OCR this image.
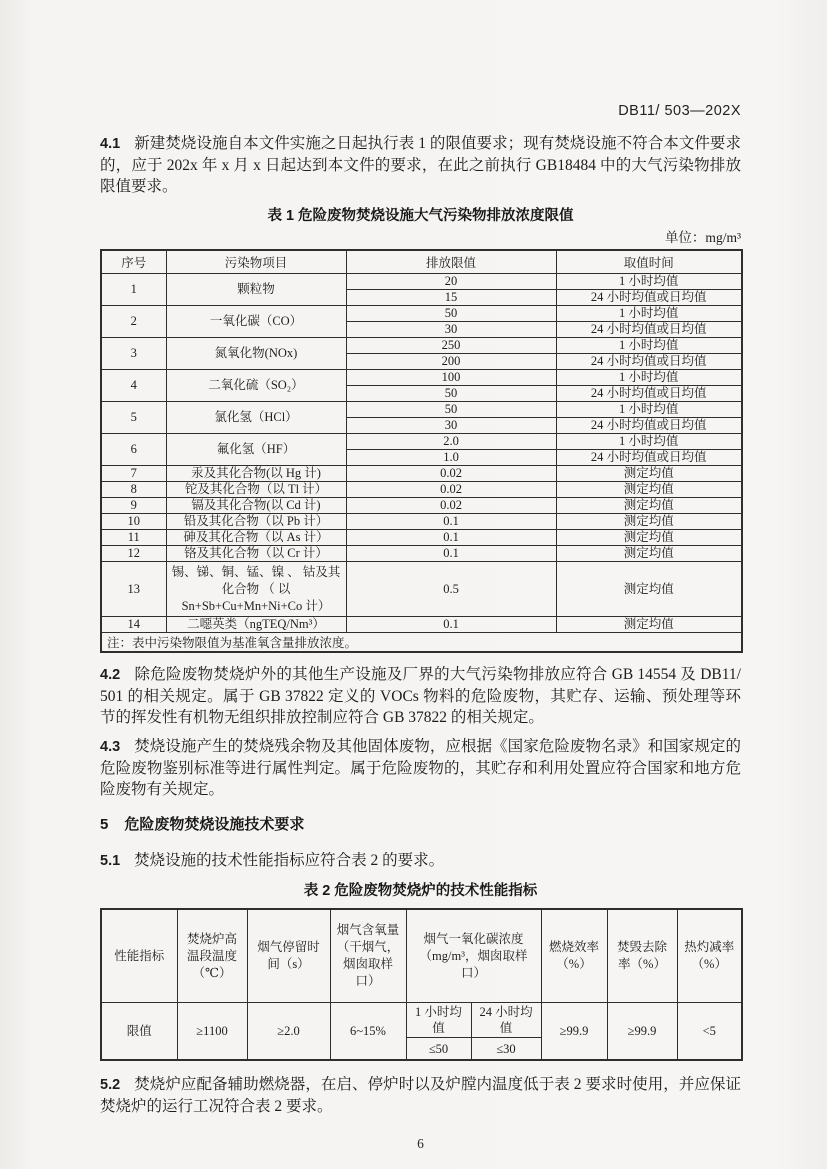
DB11/ 503—202X
4.1 新建焚烧设施自本文件实施之日起执行表 1 的限值要求；现有焚烧设施不符合本文件要求的，应于 202x 年 x 月 x 日起达到本文件的要求，在此之前执行 GB18484 中的大气污染物排放限值要求。
表 1 危险废物焚烧设施大气污染物排放浓度限值
单位：mg/m³
序号	污染物项目	排放限值	取值时间
1	颗粒物	20	1 小时均值
		15	24 小时均值或日均值
2	一氧化碳（CO）	50	1 小时均值
		30	24 小时均值或日均值
3	氮氧化物(NOx)	250	1 小时均值
		200	24 小时均值或日均值
4	二氧化硫（SO₂）	100	1 小时均值
		50	24 小时均值或日均值
5	氯化氢（HCl）	50	1 小时均值
		30	24 小时均值或日均值
6	氟化氢（HF）	2.0	1 小时均值
		1.0	24 小时均值或日均值
7	汞及其化合物(以 Hg 计)	0.02	测定均值
8	铊及其化合物（以 Tl 计）	0.02	测定均值
9	镉及其化合物(以 Cd 计)	0.02	测定均值
10	铅及其化合物（以 Pb 计）	0.1	测定均值
11	砷及其化合物（以 As 计）	0.1	测定均值
12	铬及其化合物（以 Cr 计）	0.1	测定均值
13	锡、锑、铜、锰、镍 、 钴及其化合物 （ 以 Sn+Sb+Cu+Mn+Ni+Co 计）	0.5	测定均值
14	二噁英类（ngTEQ/Nm³）	0.1	测定均值
注：表中污染物限值为基准氧含量排放浓度。			
4.2 除危险废物焚烧炉外的其他生产设施及厂界的大气污染物排放应符合 GB 14554 及 DB11/ 501 的相关规定。属于 GB 37822 定义的 VOCs 物料的危险废物，其贮存、运输、预处理等环节的挥发性有机物无组织排放控制应符合 GB 37822 的相关规定。
4.3 焚烧设施产生的焚烧残余物及其他固体废物，应根据《国家危险废物名录》和国家规定的危险废物鉴别标准等进行属性判定。属于危险废物的，其贮存和利用处置应符合国家和地方危险废物有关规定。
5 危险废物焚烧设施技术要求
5.1 焚烧设施的技术性能指标应符合表 2 的要求。
表 2 危险废物焚烧炉的技术性能指标
性能指标	焚烧炉高温段温度（℃）	烟气停留时间（s）	烟气含氧量（干烟气，烟囱取样口）	烟气一氧化碳浓度（mg/m³，烟囱取样口）		燃烧效率（%）	焚毁去除率（%）	热灼减率（%）
限值	≥1100	≥2.0	6~15%	1 小时均值	24 小时均值	≥99.9	≥99.9	<5
				≤50	≤30			
5.2 焚烧炉应配备辅助燃烧器，在启、停炉时以及炉膛内温度低于表 2 要求时使用，并应保证焚烧炉的运行工况符合表 2 要求。
6
